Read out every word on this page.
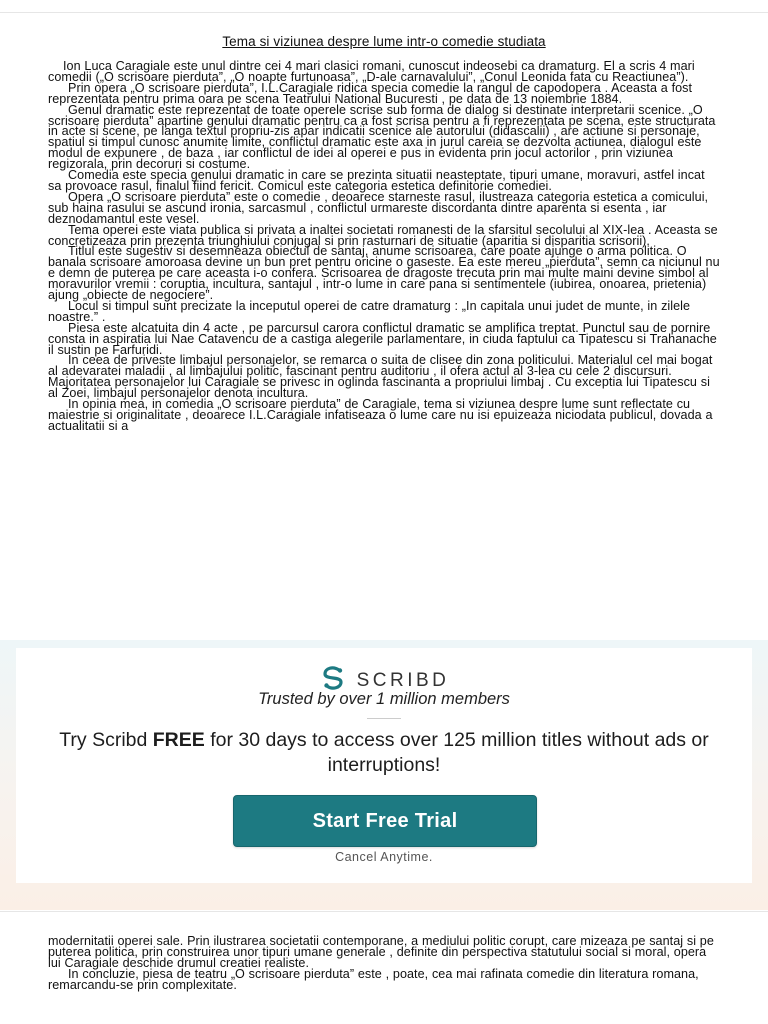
Tema si viziunea despre lume intr-o comedie studiata

Ion Luca Caragiale este unul dintre cei 4 mari clasici romani, cunoscut indeosebi ca dramaturg. El a scris 4 mari comedii („O scrisoare pierduta”, „O noapte furtunoasa”, „D-ale carnavalului”, „Conul Leonida fata cu Reactiunea”).

Prin opera „O scrisoare pierduta”, I.L.Caragiale ridica specia comedie la rangul de capodopera . Aceasta a fost reprezentata pentru prima oara pe scena Teatrului National Bucuresti , pe data de 13 noiembrie 1884.

Genul dramatic este reprezentat de toate operele scrise sub forma de dialog si destinate interpretarii scenice. „O scrisoare pierduta” apartine genului dramatic pentru ca a fost scrisa pentru a fi reprezentata pe scena, este structurata in acte si scene, pe langa textul propriu-zis apar indicatii scenice ale autorului (didascalii) , are actiune si personaje, spatiul si timpul cunosc anumite limite, conflictul dramatic este axa in jurul careia se dezvolta actiunea, dialogul este modul de expunere , de baza , iar conflictul de idei al operei e pus in evidenta prin jocul actorilor , prin viziunea regizorala, prin decoruri si costume.

Comedia este specia genului dramatic in care se prezinta situatii neasteptate, tipuri umane, moravuri, astfel incat sa provoace rasul, finalul fiind fericit. Comicul este categoria estetica definitorie comediei.

Opera „O scrisoare pierduta” este o comedie , deoarece starneste rasul, ilustreaza categoria estetica a comicului, sub haina rasului se ascund ironia, sarcasmul , conflictul urmareste discordanta dintre aparenta si esenta , iar deznodamantul este vesel.

Tema operei este viata publica si privata a inaltei societati romanesti de la sfarsitul secolului al XIX-lea . Aceasta se concretizeaza prin prezenta triunghiului conjugal si prin rasturnari de situatie (aparitia si disparitia scrisorii).

Titlul este sugestiv si desemneaza obiectul de santaj, anume scrisoarea, care poate ajunge o arma politica. O banala scrisoare amoroasa devine un bun pret pentru oricine o gaseste. Ea este mereu „pierduta”, semn ca niciunul nu e demn de puterea pe care aceasta i-o confera. Scrisoarea de dragoste trecuta prin mai multe maini devine simbol al moravurilor vremii : coruptia, incultura, santajul , intr-o lume in care pana si sentimentele (iubirea, onoarea, prietenia) ajung „obiecte de negociere”.

Locul si timpul sunt precizate la inceputul operei de catre dramaturg : „In capitala unui judet de munte, in zilele noastre.” .

Piesa este alcatuita din 4 acte , pe parcursul carora conflictul dramatic se amplifica treptat. Punctul sau de pornire consta in aspiratia lui Nae Catavencu de a castiga alegerile parlamentare, in ciuda faptului ca Tipatescu si Trahanache il sustin pe Farfuridi.

In ceea de priveste limbajul personajelor, se remarca o suita de clisee din zona politicului. Materialul cel mai bogat al adevaratei maladii , al limbajului politic, fascinant pentru auditoriu , il ofera actul al 3-lea cu cele 2 discursuri. Majoritatea personajelor lui Caragiale se privesc in oglinda fascinanta a propriului limbaj . Cu exceptia lui Tipatescu si al Zoei, limbajul personajelor denota incultura.

In opinia mea, in comedia „O scrisoare pierduta” de Caragiale, tema si viziunea despre lume sunt reflectate cu maiestrie si originalitate , deoarece I.L.Caragiale infatiseaza o lume care nu isi epuizeaza niciodata publicul, dovada a actualitatii si a

SCRIBD
Trusted by over 1 million members
Try Scribd FREE for 30 days to access over 125 million titles without ads or interruptions!
Start Free Trial
Cancel Anytime.

modernitatii operei sale. Prin ilustrarea societatii contemporane, a mediului politic corupt, care mizeaza pe santaj si pe puterea politica, prin construirea unor tipuri umane generale , definite din perspectiva statutului social si moral, opera lui Caragiale deschide drumul creatiei realiste.

In concluzie, piesa de teatru „O scrisoare pierduta” este , poate, cea mai rafinata comedie din literatura romana, remarcandu-se prin complexitate.
